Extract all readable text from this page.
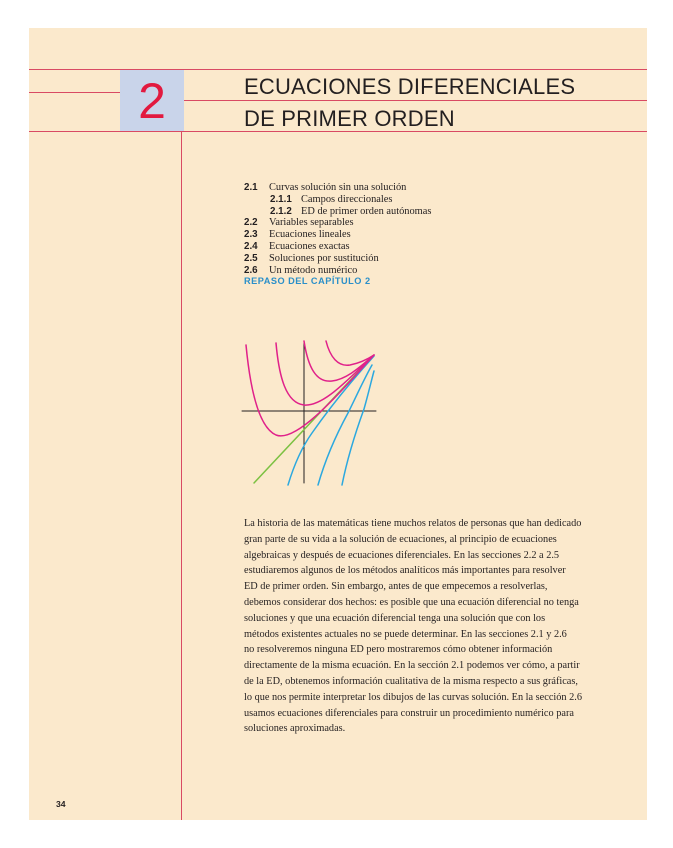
2	ECUACIONES DIFERENCIALES
DE PRIMER ORDEN
2.1 Curvas solución sin una solución
2.1.1 Campos direccionales
2.1.2 ED de primer orden autónomas
2.2 Variables separables
2.3 Ecuaciones lineales
2.4 Ecuaciones exactas
2.5 Soluciones por sustitución
2.6 Un método numérico
REPASO DEL CAPÍTULO 2
La historia de las matemáticas tiene muchos relatos de personas que han dedicado
gran parte de su vida a la solución de ecuaciones, al principio de ecuaciones
algebraicas y después de ecuaciones diferenciales. En las secciones 2.2 a 2.5
estudiaremos algunos de los métodos analíticos más importantes para resolver
ED de primer orden. Sin embargo, antes de que empecemos a resolverlas,
debemos considerar dos hechos: es posible que una ecuación diferencial no tenga
soluciones y que una ecuación diferencial tenga una solución que con los
métodos existentes actuales no se puede determinar. En las secciones 2.1 y 2.6
no resolveremos ninguna ED pero mostraremos cómo obtener información
directamente de la misma ecuación. En la sección 2.1 podemos ver cómo, a partir
de la ED, obtenemos información cualitativa de la misma respecto a sus gráficas,
lo que nos permite interpretar los dibujos de las curvas solución. En la sección 2.6
usamos ecuaciones diferenciales para construir un procedimiento numérico para
soluciones aproximadas.
34
